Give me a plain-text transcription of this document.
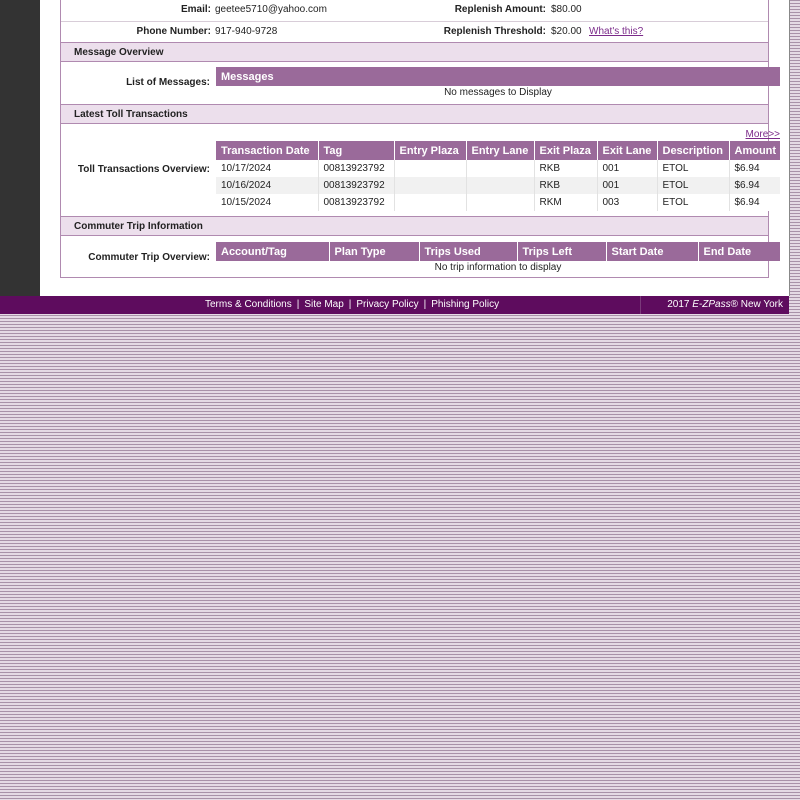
Email: geetee5710@yahoo.com	Replenish Amount: $80.00
Phone Number: 917-940-9728	Replenish Threshold: $20.00 What's this?
Message Overview
List of Messages: Messages
No messages to Display
Latest Toll Transactions
More>>
Toll Transactions Overview:
Transaction Date	Tag	Entry Plaza	Entry Lane	Exit Plaza	Exit Lane	Description	Amount
10/17/2024	00813923792			RKB	001	ETOL	$6.94
10/16/2024	00813923792			RKB	001	ETOL	$6.94
10/15/2024	00813923792			RKM	003	ETOL	$6.94
Commuter Trip Information
Commuter Trip Overview: Account/Tag	Plan Type	Trips Used	Trips Left	Start Date	End Date
No trip information to display
Terms & Conditions | Site Map | Privacy Policy | Phishing Policy	2017 E-ZPass® New York
